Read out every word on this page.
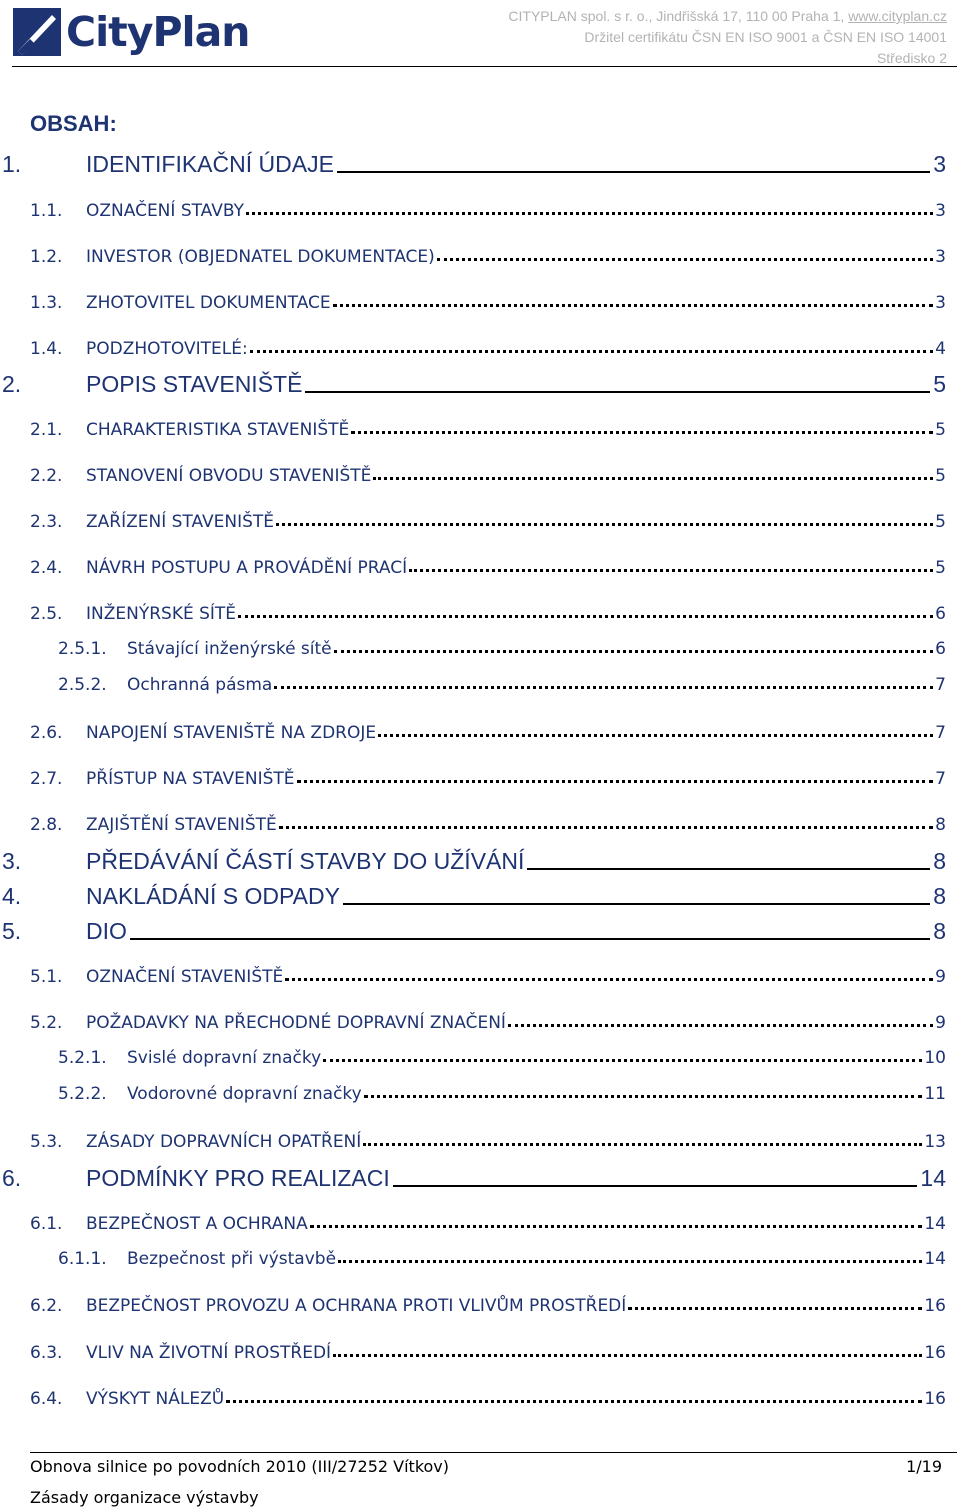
CityPlan	CITYPLAN spol. s r. o., Jindřišská 17, 110 00 Praha 1, www.cityplan.cz
Držitel certifikátu ČSN EN ISO 9001 a ČSN EN ISO 14001
Středisko 2
OBSAH:
1.	IDENTIFIKAČNÍ ÚDAJE	3
1.1.	OZNAČENÍ STAVBY	3
1.2.	INVESTOR (OBJEDNATEL DOKUMENTACE)	3
1.3.	ZHOTOVITEL DOKUMENTACE	3
1.4.	PODZHOTOVITELÉ:	4
2.	POPIS STAVENIŠTĚ	5
2.1.	CHARAKTERISTIKA STAVENIŠTĚ	5
2.2.	STANOVENÍ OBVODU STAVENIŠTĚ	5
2.3.	ZAŘÍZENÍ STAVENIŠTĚ	5
2.4.	NÁVRH POSTUPU A PROVÁDĚNÍ PRACÍ	5
2.5.	INŽENÝRSKÉ SÍTĚ	6
2.5.1.	Stávající inženýrské sítě	6
2.5.2.	Ochranná pásma	7
2.6.	NAPOJENÍ STAVENIŠTĚ NA ZDROJE	7
2.7.	PŘÍSTUP NA STAVENIŠTĚ	7
2.8.	ZAJIŠTĚNÍ STAVENIŠTĚ	8
3.	PŘEDÁVÁNÍ ČÁSTÍ STAVBY DO UŽÍVÁNÍ	8
4.	NAKLÁDÁNÍ S ODPADY	8
5.	DIO	8
5.1.	OZNAČENÍ STAVENIŠTĚ	9
5.2.	POŽADAVKY NA PŘECHODNÉ DOPRAVNÍ ZNAČENÍ	9
5.2.1.	Svislé dopravní značky	10
5.2.2.	Vodorovné dopravní značky	11
5.3.	ZÁSADY DOPRAVNÍCH OPATŘENÍ	13
6.	PODMÍNKY PRO REALIZACI	14
6.1.	BEZPEČNOST A OCHRANA	14
6.1.1.	Bezpečnost při výstavbě	14
6.2.	BEZPEČNOST PROVOZU A OCHRANA PROTI VLIVŮM PROSTŘEDÍ	16
6.3.	VLIV NA ŽIVOTNÍ PROSTŘEDÍ	16
6.4.	VÝSKYT NÁLEZŮ	16
Obnova silnice po povodních 2010 (III/27252 Vítkov)	1/19
Zásady organizace výstavby
